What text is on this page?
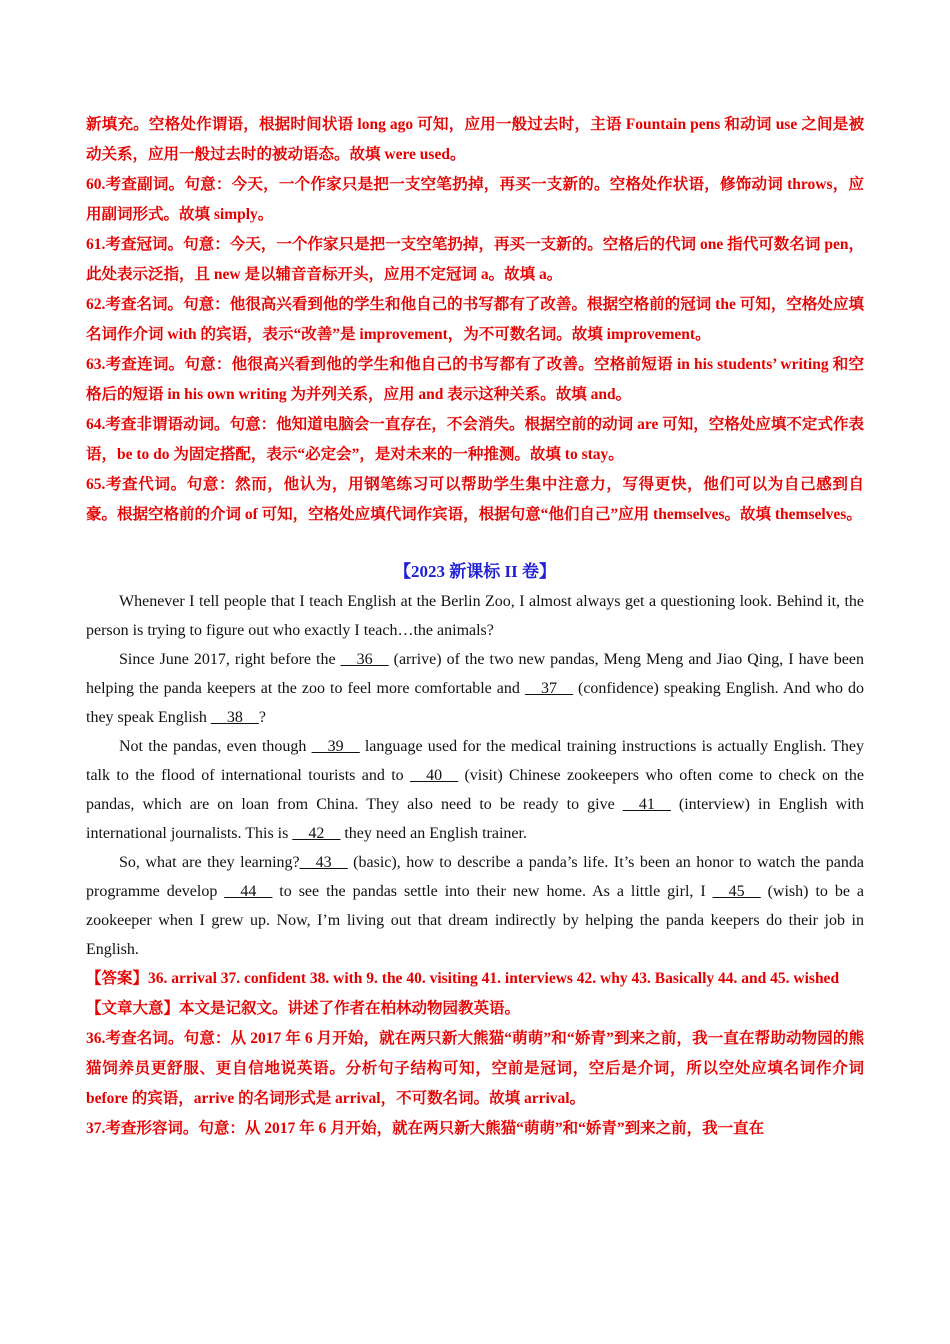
新填充。空格处作谓语，根据时间状语 long ago 可知，应用一般过去时，主语 Fountain pens 和动词 use 之间是被动关系，应用一般过去时的被动语态。故填 were used。

60.考查副词。句意：今天，一个作家只是把一支空笔扔掉，再买一支新的。空格处作状语，修饰动词 throws，应用副词形式。故填 simply。

61.考查冠词。句意：今天，一个作家只是把一支空笔扔掉，再买一支新的。空格后的代词 one 指代可数名词 pen，此处表示泛指，且 new 是以辅音音标开头，应用不定冠词 a。故填 a。

62.考查名词。句意：他很高兴看到他的学生和他自己的书写都有了改善。根据空格前的冠词 the 可知，空格处应填名词作介词 with 的宾语，表示“改善”是 improvement，为不可数名词。故填 improvement。

63.考查连词。句意：他很高兴看到他的学生和他自己的书写都有了改善。空格前短语 in his students’ writing 和空格后的短语 in his own writing 为并列关系，应用 and 表示这种关系。故填 and。

64.考查非谓语动词。句意：他知道电脑会一直存在，不会消失。根据空前的动词 are 可知，空格处应填不定式作表语，be to do 为固定搭配，表示“必定会”，是对未来的一种推测。故填 to stay。

65.考查代词。句意：然而，他认为，用钢笔练习可以帮助学生集中注意力，写得更快，他们可以为自己感到自豪。根据空格前的介词 of 可知，空格处应填代词作宾语，根据句意“他们自己”应用 themselves。故填 themselves。

【2023 新课标 II 卷】

Whenever I tell people that I teach English at the Berlin Zoo, I almost always get a questioning look. Behind it, the person is trying to figure out who exactly I teach…the animals?

Since June 2017, right before the __36__ (arrive) of the two new pandas, Meng Meng and Jiao Qing, I have been helping the panda keepers at the zoo to feel more comfortable and __37__ (confidence) speaking English. And who do they speak English __38__?

Not the pandas, even though __39__ language used for the medical training instructions is actually English. They talk to the flood of international tourists and to __40__ (visit) Chinese zookeepers who often come to check on the pandas, which are on loan from China. They also need to be ready to give __41__ (interview) in English with international journalists. This is __42__ they need an English trainer.

So, what are they learning?__43__ (basic), how to describe a panda’s life. It’s been an honor to watch the panda programme develop __44__ to see the pandas settle into their new home. As a little girl, I __45__ (wish) to be a zookeeper when I grew up. Now, I’m living out that dream indirectly by helping the panda keepers do their job in English.

【答案】36. arrival 37. confident 38. with 9. the 40. visiting 41. interviews 42. why 43. Basically 44. and 45. wished

【文章大意】本文是记叙文。讲述了作者在柏林动物园教英语。

36.考查名词。句意：从 2017 年 6 月开始，就在两只新大熊猫“萌萌”和“娇青”到来之前，我一直在帮助动物园的熊猫饲养员更舒服、更自信地说英语。分析句子结构可知，空前是冠词，空后是介词，所以空处应填名词作介词 before 的宾语，arrive 的名词形式是 arrival，不可数名词。故填 arrival。

37.考查形容词。句意：从 2017 年 6 月开始，就在两只新大熊猫“萌萌”和“娇青”到来之前，我一直在
